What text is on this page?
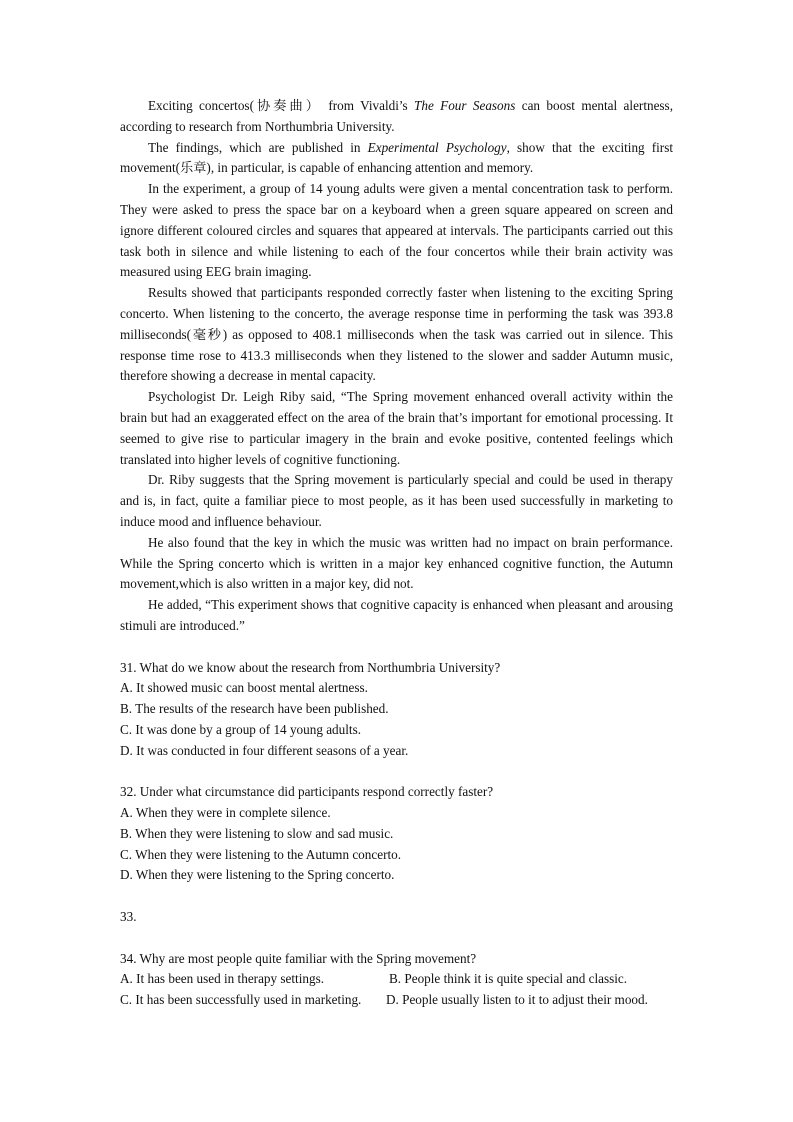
Exciting concertos(协奏曲） from Vivaldi’s The Four Seasons can boost mental alertness, according to research from Northumbria University.

The findings, which are published in Experimental Psychology, show that the exciting first movement(乐章), in particular, is capable of enhancing attention and memory.

In the experiment, a group of 14 young adults were given a mental concentration task to perform. They were asked to press the space bar on a keyboard when a green square appeared on screen and ignore different coloured circles and squares that appeared at intervals. The participants carried out this task both in silence and while listening to each of the four concertos while their brain activity was measured using EEG brain imaging.

Results showed that participants responded correctly faster when listening to the exciting Spring concerto. When listening to the concerto, the average response time in performing the task was 393.8 milliseconds(毫秒) as opposed to 408.1 milliseconds when the task was carried out in silence. This response time rose to 413.3 milliseconds when they listened to the slower and sadder Autumn music, therefore showing a decrease in mental capacity.

Psychologist Dr. Leigh Riby said, “The Spring movement enhanced overall activity within the brain but had an exaggerated effect on the area of the brain that’s important for emotional processing. It seemed to give rise to particular imagery in the brain and evoke positive, contented feelings which translated into higher levels of cognitive functioning.

Dr. Riby suggests that the Spring movement is particularly special and could be used in therapy and is, in fact, quite a familiar piece to most people, as it has been used successfully in marketing to induce mood and influence behaviour.

He also found that the key in which the music was written had no impact on brain performance. While the Spring concerto which is written in a major key enhanced cognitive function, the Autumn movement,which is also written in a major key, did not.

He added, “This experiment shows that cognitive capacity is enhanced when pleasant and arousing stimuli are introduced.”

31. What do we know about the research from Northumbria University?

A. It showed music can boost mental alertness.

B. The results of the research have been published.

C. It was done by a group of 14 young adults.

D. It was conducted in four different seasons of a year.

32. Under what circumstance did participants respond correctly faster?

A. When they were in complete silence.

B. When they were listening to slow and sad music.

C. When they were listening to the Autumn concerto.

D. When they were listening to the Spring concerto.

33.

34. Why are most people quite familiar with the Spring movement?

A. It has been used in therapy settings.	B. People think it is quite special and classic.
C. It has been successfully used in marketing.	D. People usually listen to it to adjust their mood.
